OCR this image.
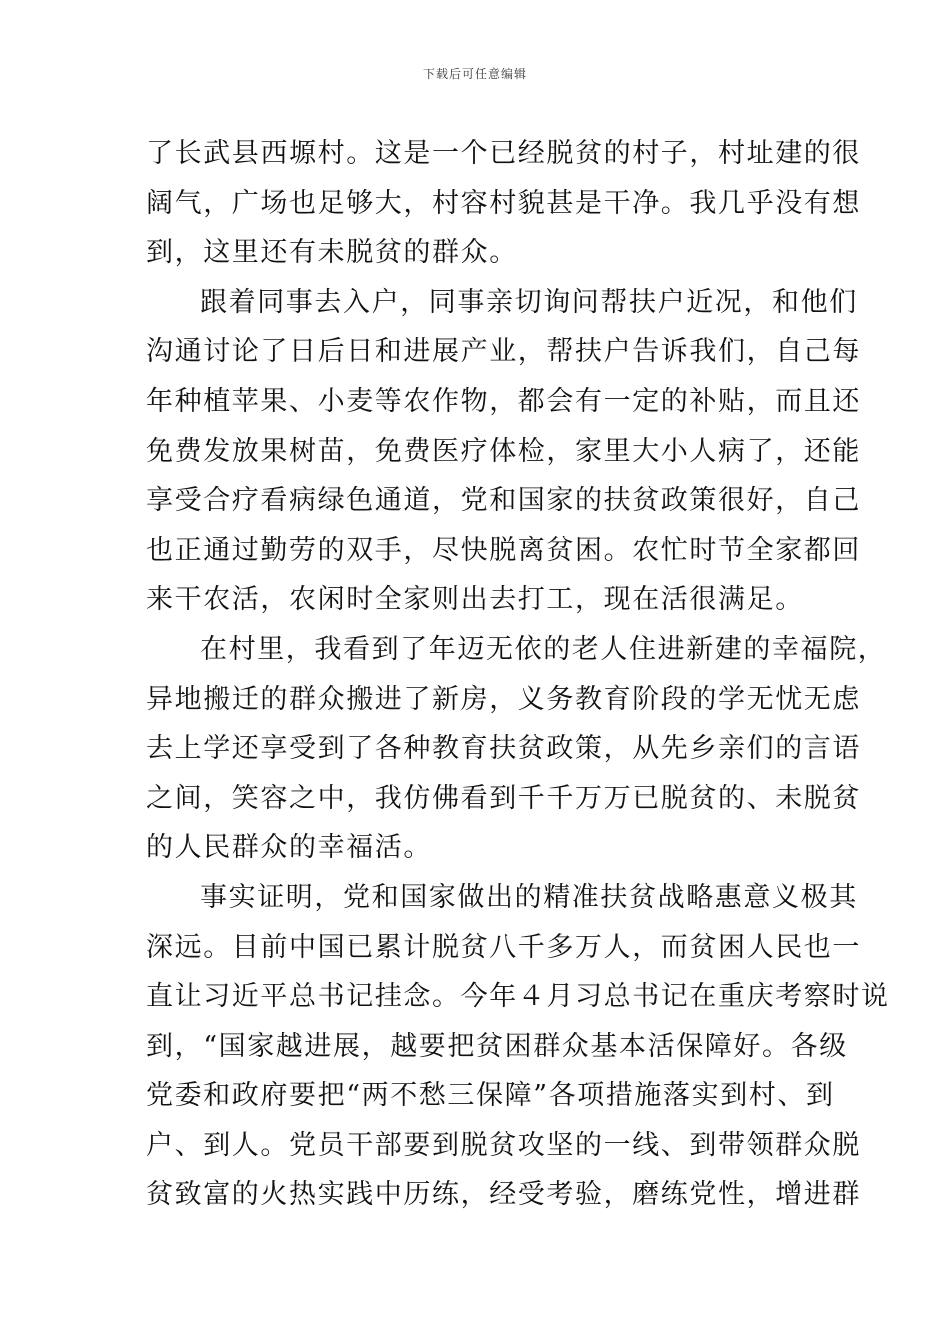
下载后可任意编辑
了长武县西塬村。这是一个已经脱贫的村子，村址建的很
阔气，广场也足够大，村容村貌甚是干净。我几乎没有想
到，这里还有未脱贫的群众。
跟着同事去入户，同事亲切询问帮扶户近况，和他们
沟通讨论了日后日和进展产业，帮扶户告诉我们，自己每
年种植苹果、小麦等农作物，都会有一定的补贴，而且还
免费发放果树苗，免费医疗体检，家里大小人病了，还能
享受合疗看病绿色通道，党和国家的扶贫政策很好，自己
也正通过勤劳的双手，尽快脱离贫困。农忙时节全家都回
来干农活，农闲时全家则出去打工，现在活很满足。
在村里，我看到了年迈无依的老人住进新建的幸福院，
异地搬迁的群众搬进了新房，义务教育阶段的学无忧无虑
去上学还享受到了各种教育扶贫政策，从先乡亲们的言语
之间，笑容之中，我仿佛看到千千万万已脱贫的、未脱贫
的人民群众的幸福活。
事实证明，党和国家做出的精准扶贫战略惠意义极其
深远。目前中国已累计脱贫八千多万人，而贫困人民也一
直让习近平总书记挂念。今年４月习总书记在重庆考察时说
到，“国家越进展，越要把贫困群众基本活保障好。各级
党委和政府要把“两不愁三保障”各项措施落实到村、到
户、到人。党员干部要到脱贫攻坚的一线、到带领群众脱
贫致富的火热实践中历练，经受考验，磨练党性，增进群
